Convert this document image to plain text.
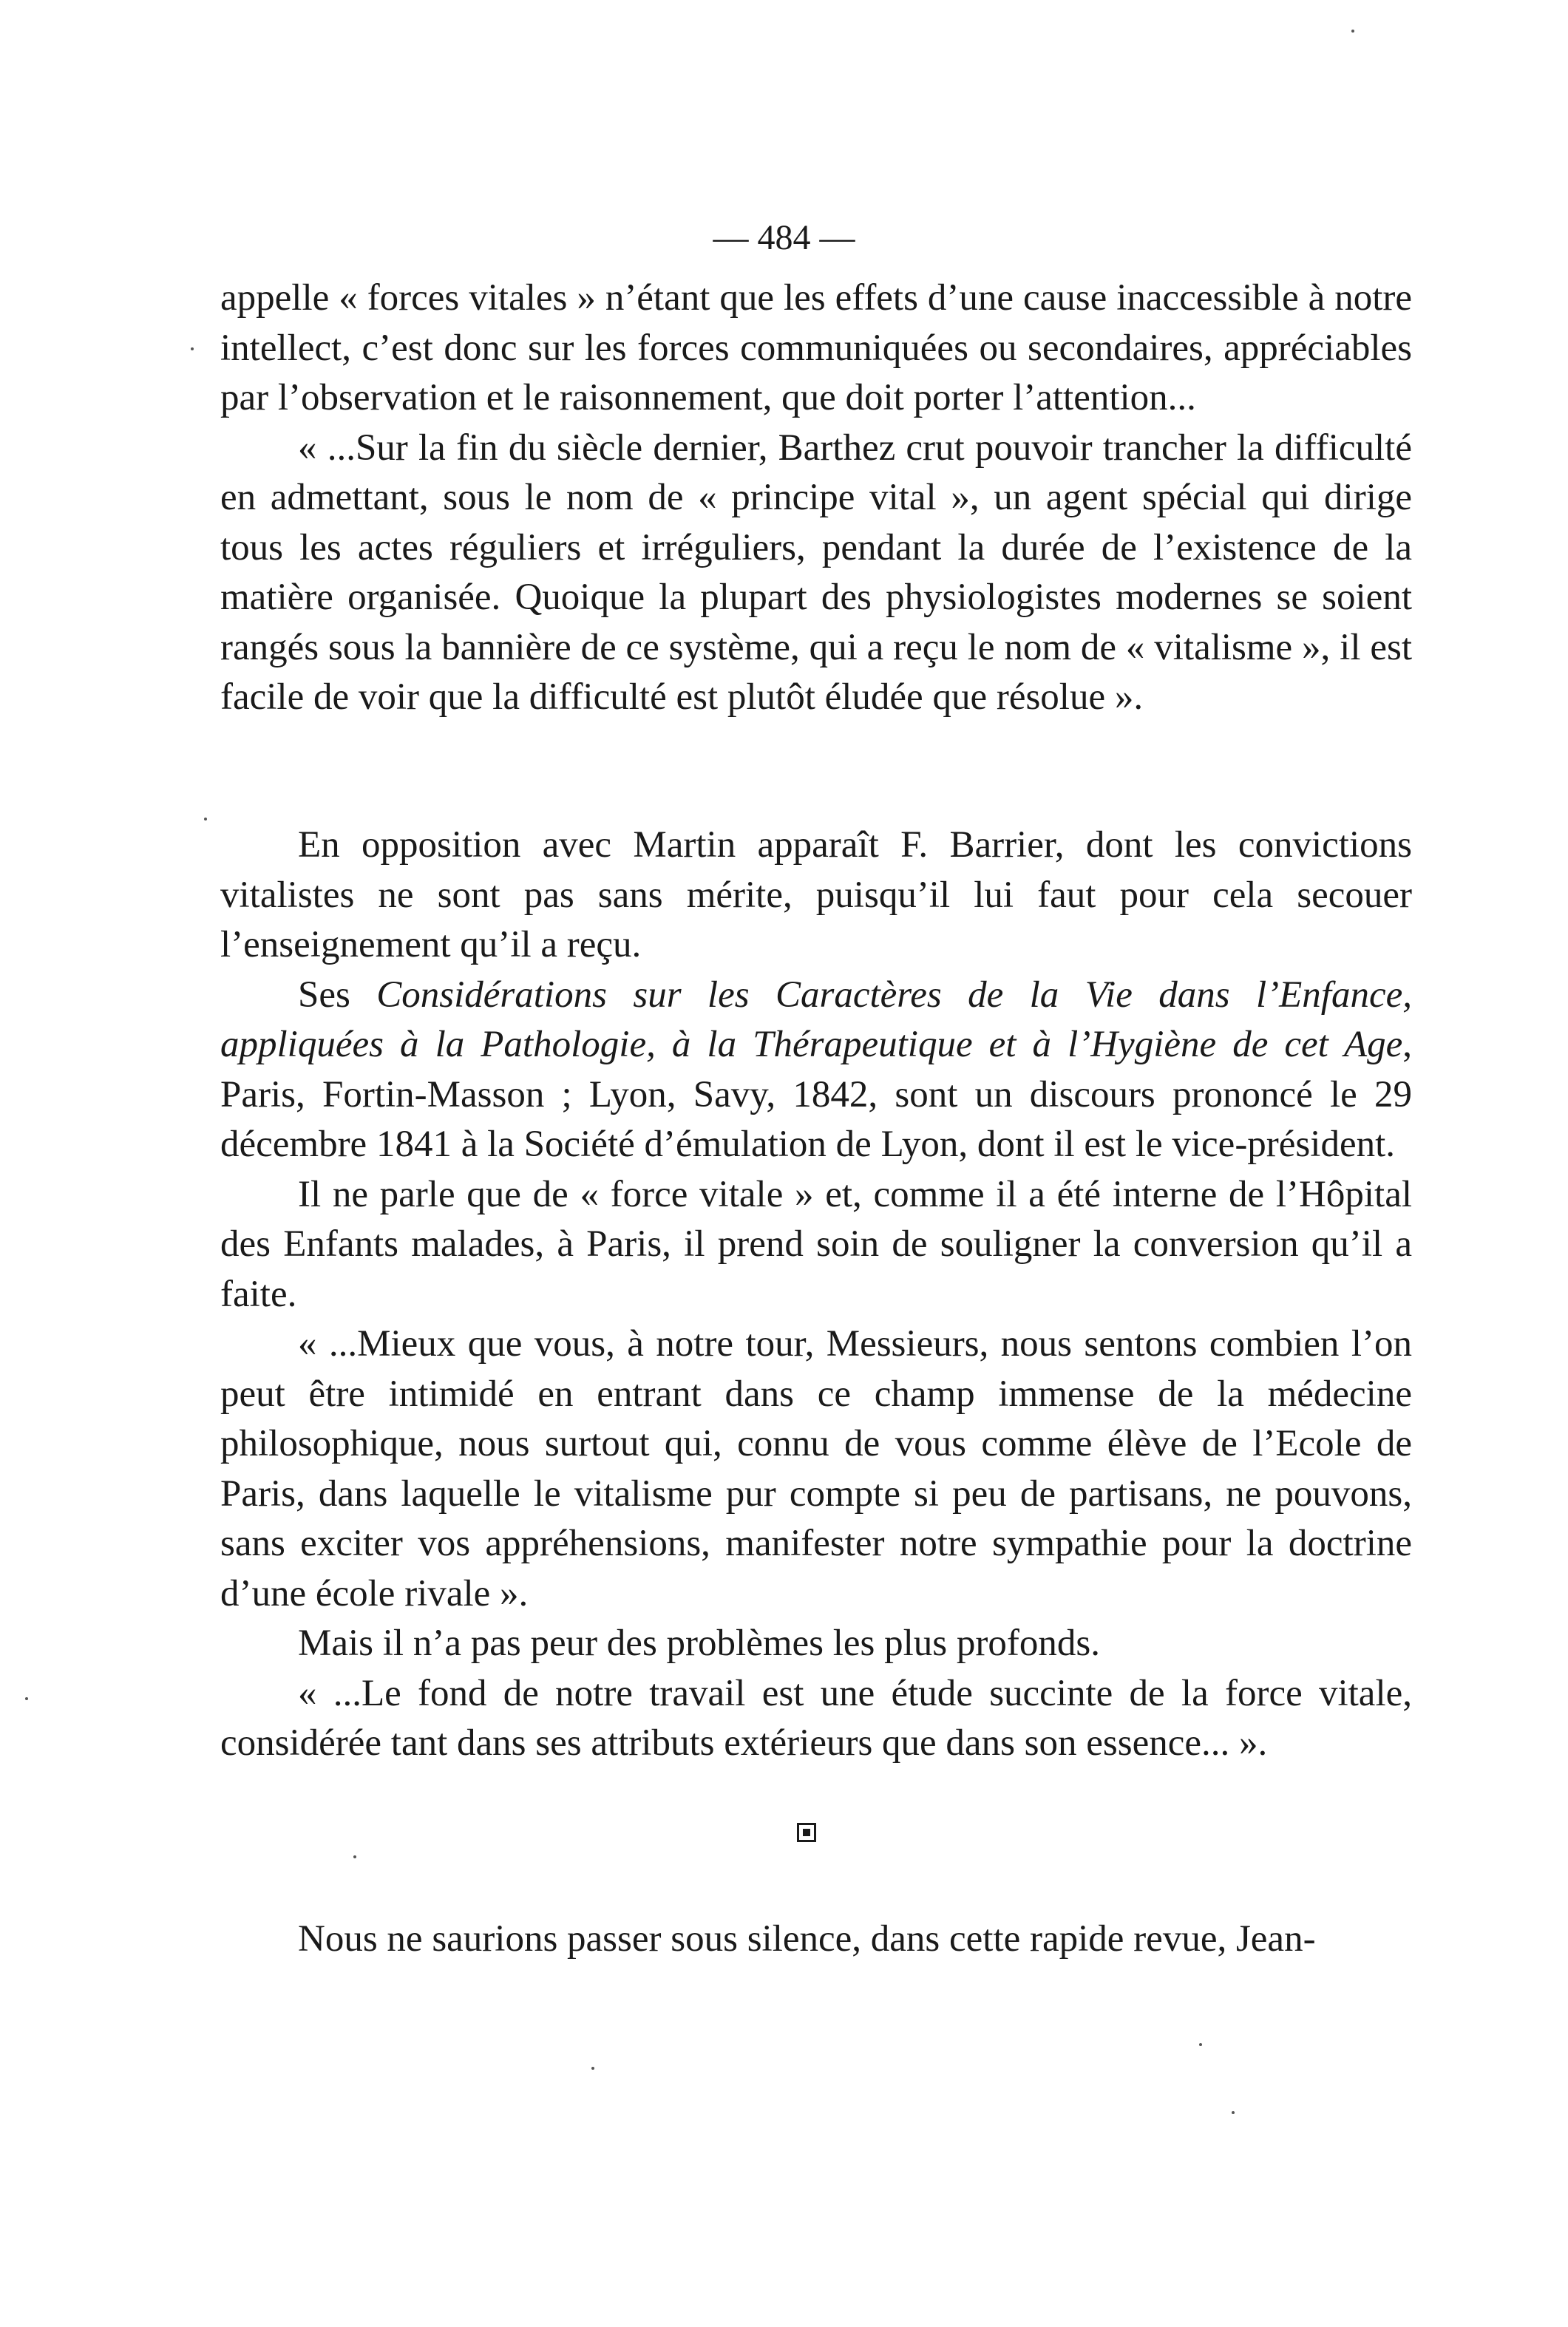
— 484 —

appelle « forces vitales » n’étant que les effets d’une cause inaccessible à notre intellect, c’est donc sur les forces communiquées ou secondaires, appréciables par l’observation et le raisonnement, que doit porter l’attention...

« ...Sur la fin du siècle dernier, Barthez crut pouvoir trancher la difficulté en admettant, sous le nom de « principe vital », un agent spécial qui dirige tous les actes réguliers et irréguliers, pendant la durée de l’existence de la matière organisée. Quoique la plupart des physiologistes modernes se soient rangés sous la bannière de ce système, qui a reçu le nom de « vitalisme », il est facile de voir que la difficulté est plutôt éludée que résolue ».

En opposition avec Martin apparaît F. Barrier, dont les convictions vitalistes ne sont pas sans mérite, puisqu’il lui faut pour cela secouer l’enseignement qu’il a reçu.

Ses Considérations sur les Caractères de la Vie dans l’Enfance, appliquées à la Pathologie, à la Thérapeutique et à l’Hygiène de cet Age, Paris, Fortin-Masson ; Lyon, Savy, 1842, sont un discours prononcé le 29 décembre 1841 à la Société d’émulation de Lyon, dont il est le vice-président.

Il ne parle que de « force vitale » et, comme il a été interne de l’Hôpital des Enfants malades, à Paris, il prend soin de souligner la conversion qu’il a faite.

« ...Mieux que vous, à notre tour, Messieurs, nous sentons combien l’on peut être intimidé en entrant dans ce champ immense de la médecine philosophique, nous surtout qui, connu de vous comme élève de l’Ecole de Paris, dans laquelle le vitalisme pur compte si peu de partisans, ne pouvons, sans exciter vos appréhensions, manifester notre sympathie pour la doctrine d’une école rivale ».

Mais il n’a pas peur des problèmes les plus profonds.

« ...Le fond de notre travail est une étude succinte de la force vitale, considérée tant dans ses attributs extérieurs que dans son essence... ».

Nous ne saurions passer sous silence, dans cette rapide revue, Jean-
